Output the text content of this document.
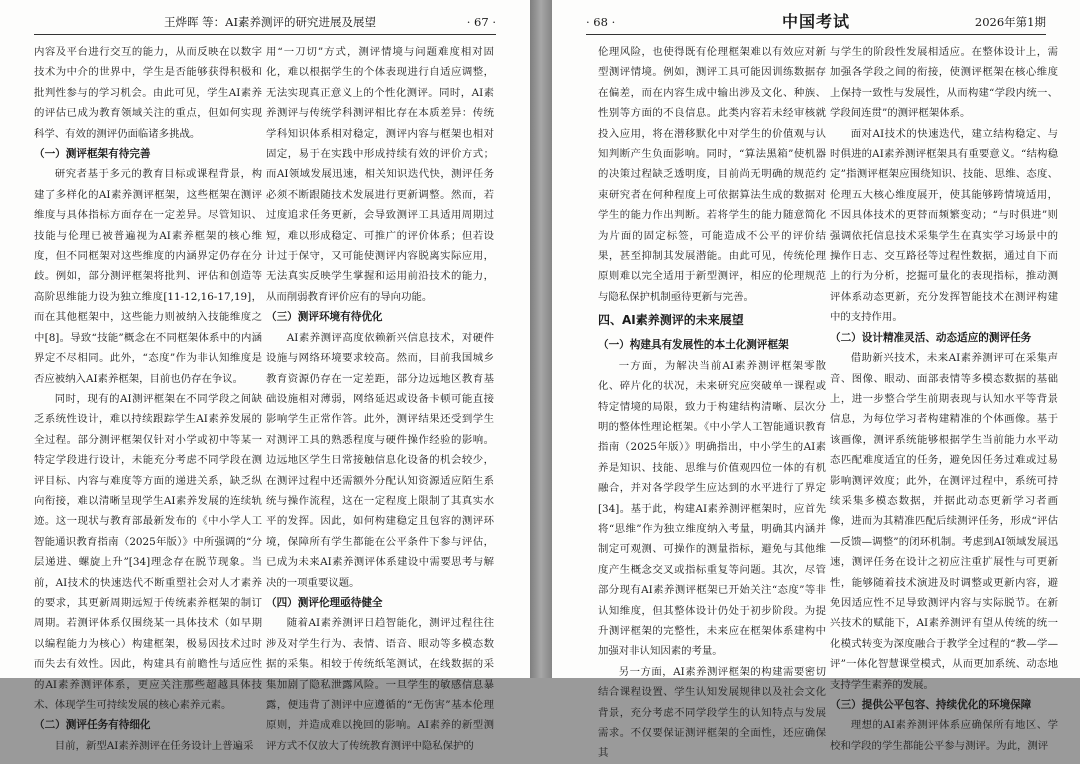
王烨晖 等：AI素养测评的研究进展及展望	· 67 ·

内容及平台进行交互的能力，从而反映在以数字技术为中介的世界中，学生是否能够获得积极和批判性参与的学习机会。由此可见，学生AI素养的评估已成为教育领域关注的重点，但如何实现科学、有效的测评仍面临诸多挑战。

（一）测评框架有待完善

研究者基于多元的教育目标或课程背景，构建了多样化的AI素养测评框架，这些框架在测评维度与具体指标方面存在一定差异。尽管知识、技能与伦理已被普遍视为AI素养框架的核心维度，但不同框架对这些维度的内涵界定仍存在分歧。例如，部分测评框架将批判、评估和创造等高阶思维能力设为独立维度[11-12,16-17,19]，而在其他框架中，这些能力则被纳入技能维度之中[8]。导致“技能”概念在不同框架体系中的内涵界定不尽相同。此外，“态度”作为非认知维度是否应被纳入AI素养框架，目前也仍存在争议。

同时，现有的AI测评框架在不同学段之间缺乏系统性设计，难以持续跟踪学生AI素养发展的全过程。部分测评框架仅针对小学或初中等某一特定学段进行设计，未能充分考虑不同学段在测评目标、内容与难度等方面的递进关系，缺乏纵向衔接，难以清晰呈现学生AI素养发展的连续轨迹。这一现状与教育部最新发布的《中小学人工智能通识教育指南（2025年版）》中所强调的“分层递进、螺旋上升”[34]理念存在脱节现象。当前，AI技术的快速迭代不断重塑社会对人才素养的要求，其更新周期远短于传统素养框架的制订周期。若测评体系仅围绕某一具体技术（如早期以编程能力为核心）构建框架，极易因技术过时而失去有效性。因此，构建具有前瞻性与适应性的AI素养测评体系，更应关注那些超越具体技术、体现学生可持续发展的核心素养元素。

（二）测评任务有待细化

目前，新型AI素养测评在任务设计上普遍采

用“一刀切”方式，测评情境与问题难度相对固化，难以根据学生的个体表现进行自适应调整，无法实现真正意义上的个性化测评。同时，AI素养测评与传统学科测评相比存在本质差异：传统学科知识体系相对稳定，测评内容与框架也相对固定，易于在实践中形成持续有效的评价方式；而AI领域发展迅速，相关知识迭代快，测评任务必须不断跟随技术发展进行更新调整。然而，若过度追求任务更新，会导致测评工具适用周期过短，难以形成稳定、可推广的评价体系；但若设计过于保守，又可能使测评内容脱离实际应用，无法真实反映学生掌握和运用前沿技术的能力，从而削弱教育评价应有的导向功能。

（三）测评环境有待优化

AI素养测评高度依赖新兴信息技术，对硬件设施与网络环境要求较高。然而，目前我国城乡教育资源仍存在一定差距，部分边远地区教育基础设施相对薄弱，网络延迟或设备卡顿可能直接影响学生正常作答。此外，测评结果还受到学生对测评工具的熟悉程度与硬件操作经验的影响。边远地区学生日常接触信息化设备的机会较少，在测评过程中还需额外分配认知资源适应陌生系统与操作流程，这在一定程度上限制了其真实水平的发挥。因此，如何构建稳定且包容的测评环境，保障所有学生都能在公平条件下参与评估，已成为未来AI素养测评体系建设中需要思考与解决的一项重要议题。

（四）测评伦理亟待健全

随着AI素养测评日趋智能化，测评过程往往涉及对学生行为、表情、语音、眼动等多模态数据的采集。相较于传统纸笔测试，在线数据的采集加剧了隐私泄露风险。一旦学生的敏感信息暴露，便违背了测评中应遵循的“无伤害”基本伦理原则，并造成难以挽回的影响。AI素养的新型测评方式不仅放大了传统教育测评中隐私保护的

· 68 ·	中国考试	2026年第1期

伦理风险，也使得既有伦理框架难以有效应对新型测评情境。例如，测评工具可能因训练数据存在偏差，而在内容生成中输出涉及文化、种族、性别等方面的不良信息。此类内容若未经审核就投入应用，将在潜移默化中对学生的价值观与认知判断产生负面影响。同时，“算法黑箱”使机器的决策过程缺乏透明度，目前尚无明确的规范约束研究者在何种程度上可依据算法生成的数据对学生的能力作出判断。若将学生的能力随意简化为片面的固定标签，可能造成不公平的评价结果，甚至抑制其发展潜能。由此可见，传统伦理原则难以完全适用于新型测评，相应的伦理规范与隐私保护机制亟待更新与完善。

四、AI素养测评的未来展望
（一）构建具有发展性的本土化测评框架

一方面，为解决当前AI素养测评框架零散化、碎片化的状况，未来研究应突破单一课程或特定情境的局限，致力于构建结构清晰、层次分明的整体性理论框架。《中小学人工智能通识教育指南（2025年版）》明确指出，中小学生的AI素养是知识、技能、思维与价值观四位一体的有机融合，并对各学段学生应达到的水平进行了界定[34]。基于此，构建AI素养测评框架时，应首先将“思维”作为独立维度纳入考量，明确其内涵并制定可观测、可操作的测量指标，避免与其他维度产生概念交叉或指标重复等问题。其次，尽管部分现有AI素养测评框架已开始关注“态度”等非认知维度，但其整体设计仍处于初步阶段。为提升测评框架的完整性，未来应在框架体系建构中加强对非认知因素的考量。

另一方面，AI素养测评框架的构建需要密切结合课程设置、学生认知发展规律以及社会文化背景，充分考虑不同学段学生的认知特点与发展需求。不仅要保证测评框架的全面性，还应确保其

与学生的阶段性发展相适应。在整体设计上，需加强各学段之间的衔接，使测评框架在核心维度上保持一致性与发展性，从而构建“学段内统一、学段间连贯”的测评框架体系。

面对AI技术的快速迭代，建立结构稳定、与时俱进的AI素养测评框架具有重要意义。“结构稳定”指测评框架应围绕知识、技能、思维、态度、伦理五大核心维度展开，使其能够跨情境适用，不因具体技术的更替而频繁变动；“与时俱进”则强调依托信息技术采集学生在真实学习场景中的操作日志、交互路径等过程性数据，通过自下而上的行为分析，挖掘可量化的表现指标，推动测评体系动态更新，充分发挥智能技术在测评构建中的支持作用。

（二）设计精准灵活、动态适应的测评任务

借助新兴技术，未来AI素养测评可在采集声音、图像、眼动、面部表情等多模态数据的基础上，进一步整合学生前期表现与认知水平等背景信息，为每位学习者构建精准的个体画像。基于该画像，测评系统能够根据学生当前能力水平动态匹配难度适宜的任务，避免因任务过难或过易影响测评效度；此外，在测评过程中，系统可持续采集多模态数据，并据此动态更新学习者画像，进而为其精准匹配后续测评任务，形成“评估—反馈—调整”的闭环机制。考虑到AI领域发展迅速，测评任务在设计之初应注重扩展性与可更新性，能够随着技术演进及时调整或更新内容，避免因适应性不足导致测评内容与实际脱节。在新兴技术的赋能下，AI素养测评有望从传统的统一化模式转变为深度融合于教学全过程的“教—学—评”一体化智慧课堂模式，从而更加系统、动态地支持学生素养的发展。

（三）提供公平包容、持续优化的环境保障

理想的AI素养测评体系应确保所有地区、学校和学段的学生都能公平参与测评。为此，测评
